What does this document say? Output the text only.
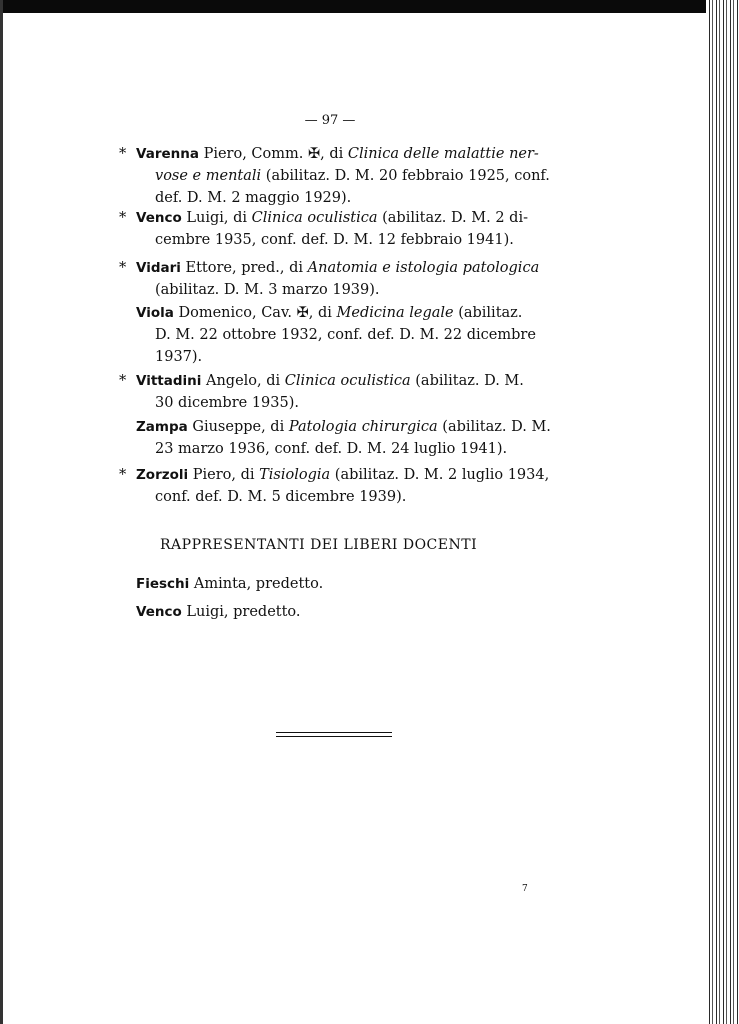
— 97 —
* Varenna Piero, Comm. ✠, di Clinica delle malattie ner-
vose e mentali (abilitaz. D. M. 20 febbraio 1925, conf.
def. D. M. 2 maggio 1929).
* Venco Luigi, di Clinica oculistica (abilitaz. D. M. 2 di-
cembre 1935, conf. def. D. M. 12 febbraio 1941).
* Vidari Ettore, pred., di Anatomia e istologia patologica
(abilitaz. D. M. 3 marzo 1939).
Viola Domenico, Cav. ✠, di Medicina legale (abilitaz.
D. M. 22 ottobre 1932, conf. def. D. M. 22 dicembre
1937).
* Vittadini Angelo, di Clinica oculistica (abilitaz. D. M.
30 dicembre 1935).
Zampa Giuseppe, di Patologia chirurgica (abilitaz. D. M.
23 marzo 1936, conf. def. D. M. 24 luglio 1941).
* Zorzoli Piero, di Tisiologia (abilitaz. D. M. 2 luglio 1934,
conf. def. D. M. 5 dicembre 1939).
RAPPRESENTANTI DEI LIBERI DOCENTI
Fieschi Aminta, predetto.
Venco Luigi, predetto.
7
